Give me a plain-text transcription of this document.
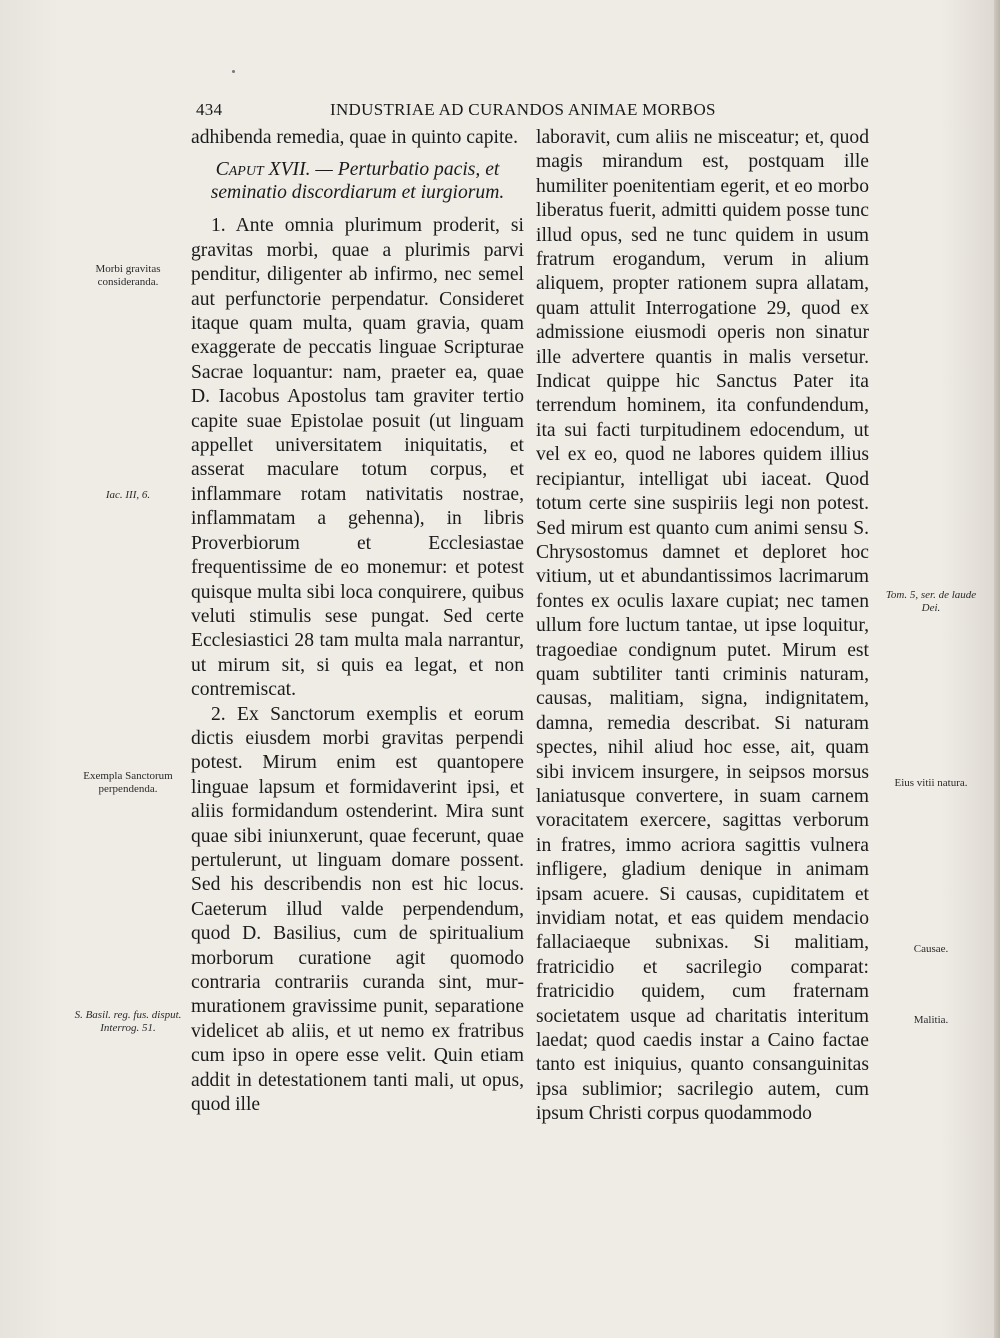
434	INDUSTRIAE AD CURANDOS ANIMAE MORBOS

adhibenda remedia, quae in quinto capite.

Caput XVII. — Perturbatio pacis, et seminatio discordiarum et iurgiorum.

1. Ante omnia plurimum proderit, si gravitas morbi, quae a plurimis parvi penditur, diligenter ab infirmo, nec semel aut perfunctorie perpendatur. Consideret itaque quam multa, quam gravia, quam exaggerate de peccatis linguae Scripturae Sacrae loquantur: nam, praeter ea, quae D. Iacobus Apostolus tam graviter tertio capite suae Epistolae posuit (ut linguam appellet universitatem iniquitatis, et asserat maculare totum corpus, et inflammare rotam nativitatis nostrae, inflammatam a gehenna), in libris Proverbiorum et Ecclesiastae frequentissime de eo monemur: et potest quisque multa sibi loca conquirere, quibus veluti stimulis sese pungat. Sed certe Ecclesiastici 28 tam multa mala narrantur, ut mirum sit, si quis ea legat, et non contremiscat.

2. Ex Sanctorum exemplis et eorum dictis eiusdem morbi gravitas perpendi potest. Mirum enim est quantopere linguae lapsum et formidaverint ipsi, et aliis formidandum ostenderint. Mira sunt quae sibi iniunxerunt, quae fecerunt, quae pertulerunt, ut linguam domare possent. Sed his describendis non est hic locus. Caeterum illud valde perpendendum, quod D. Basilius, cum de spiritualium morborum curatione agit quomodo contraria contrariis curanda sint, murmurationem gravissime punit, separatione videlicet ab aliis, et ut nemo ex fratribus cum ipso in opere esse velit. Quin etiam addit in detestationem tanti mali, ut opus, quod ille

laboravit, cum aliis ne misceatur; et, quod magis mirandum est, postquam ille humiliter poenitentiam egerit, et eo morbo liberatus fuerit, admitti quidem posse tunc illud opus, sed ne tunc quidem in usum fratrum erogandum, verum in alium aliquem, propter rationem supra allatam, quam attulit Interrogatione 29, quod ex admissione eiusmodi operis non sinatur ille advertere quantis in malis versetur. Indicat quippe hic Sanctus Pater ita terrendum hominem, ita confundendum, ita sui facti turpitudinem edocendum, ut vel ex eo, quod ne labores quidem illius recipiantur, intelligat ubi iaceat. Quod totum certe sine suspiriis legi non potest. Sed mirum est quanto cum animi sensu S. Chrysostomus damnet et deploret hoc vitium, ut et abundantissimos lacrimarum fontes ex oculis laxare cupiat; nec tamen ullum fore luctum tantae, ut ipse loquitur, tragoediae condignum putet. Mirum est quam subtiliter tanti criminis naturam, causas, malitiam, signa, indignitatem, damna, remedia describat. Si naturam spectes, nihil aliud hoc esse, ait, quam sibi invicem insurgere, in seipsos morsus laniatusque convertere, in suam carnem voracitatem exercere, sagittas verborum in fratres, immo acriora sagittis vulnera infligere, gladium denique in animam ipsam acuere. Si causas, cupiditatem et invidiam notat, et eas quidem mendacio fallaciaeque subnixas. Si malitiam, fratricidio et sacrilegio comparat: fratricidio quidem, cum fraternam societatem usque ad charitatis interitum laedat; quod caedis instar a Caino factae tanto est iniquius, quanto consanguinitas ipsa sublimior; sacrilegio autem, cum ipsum Christi corpus quodammodo

Morbi gravitas consideranda.
Iac. III, 6.
Exempla Sanctorum perpendenda.
S. Basil. reg. fus. disput. Interrog. 51.
Tom. 5, ser. de laude Dei.
Eius vitii natura.
Causae.
Malitia.
